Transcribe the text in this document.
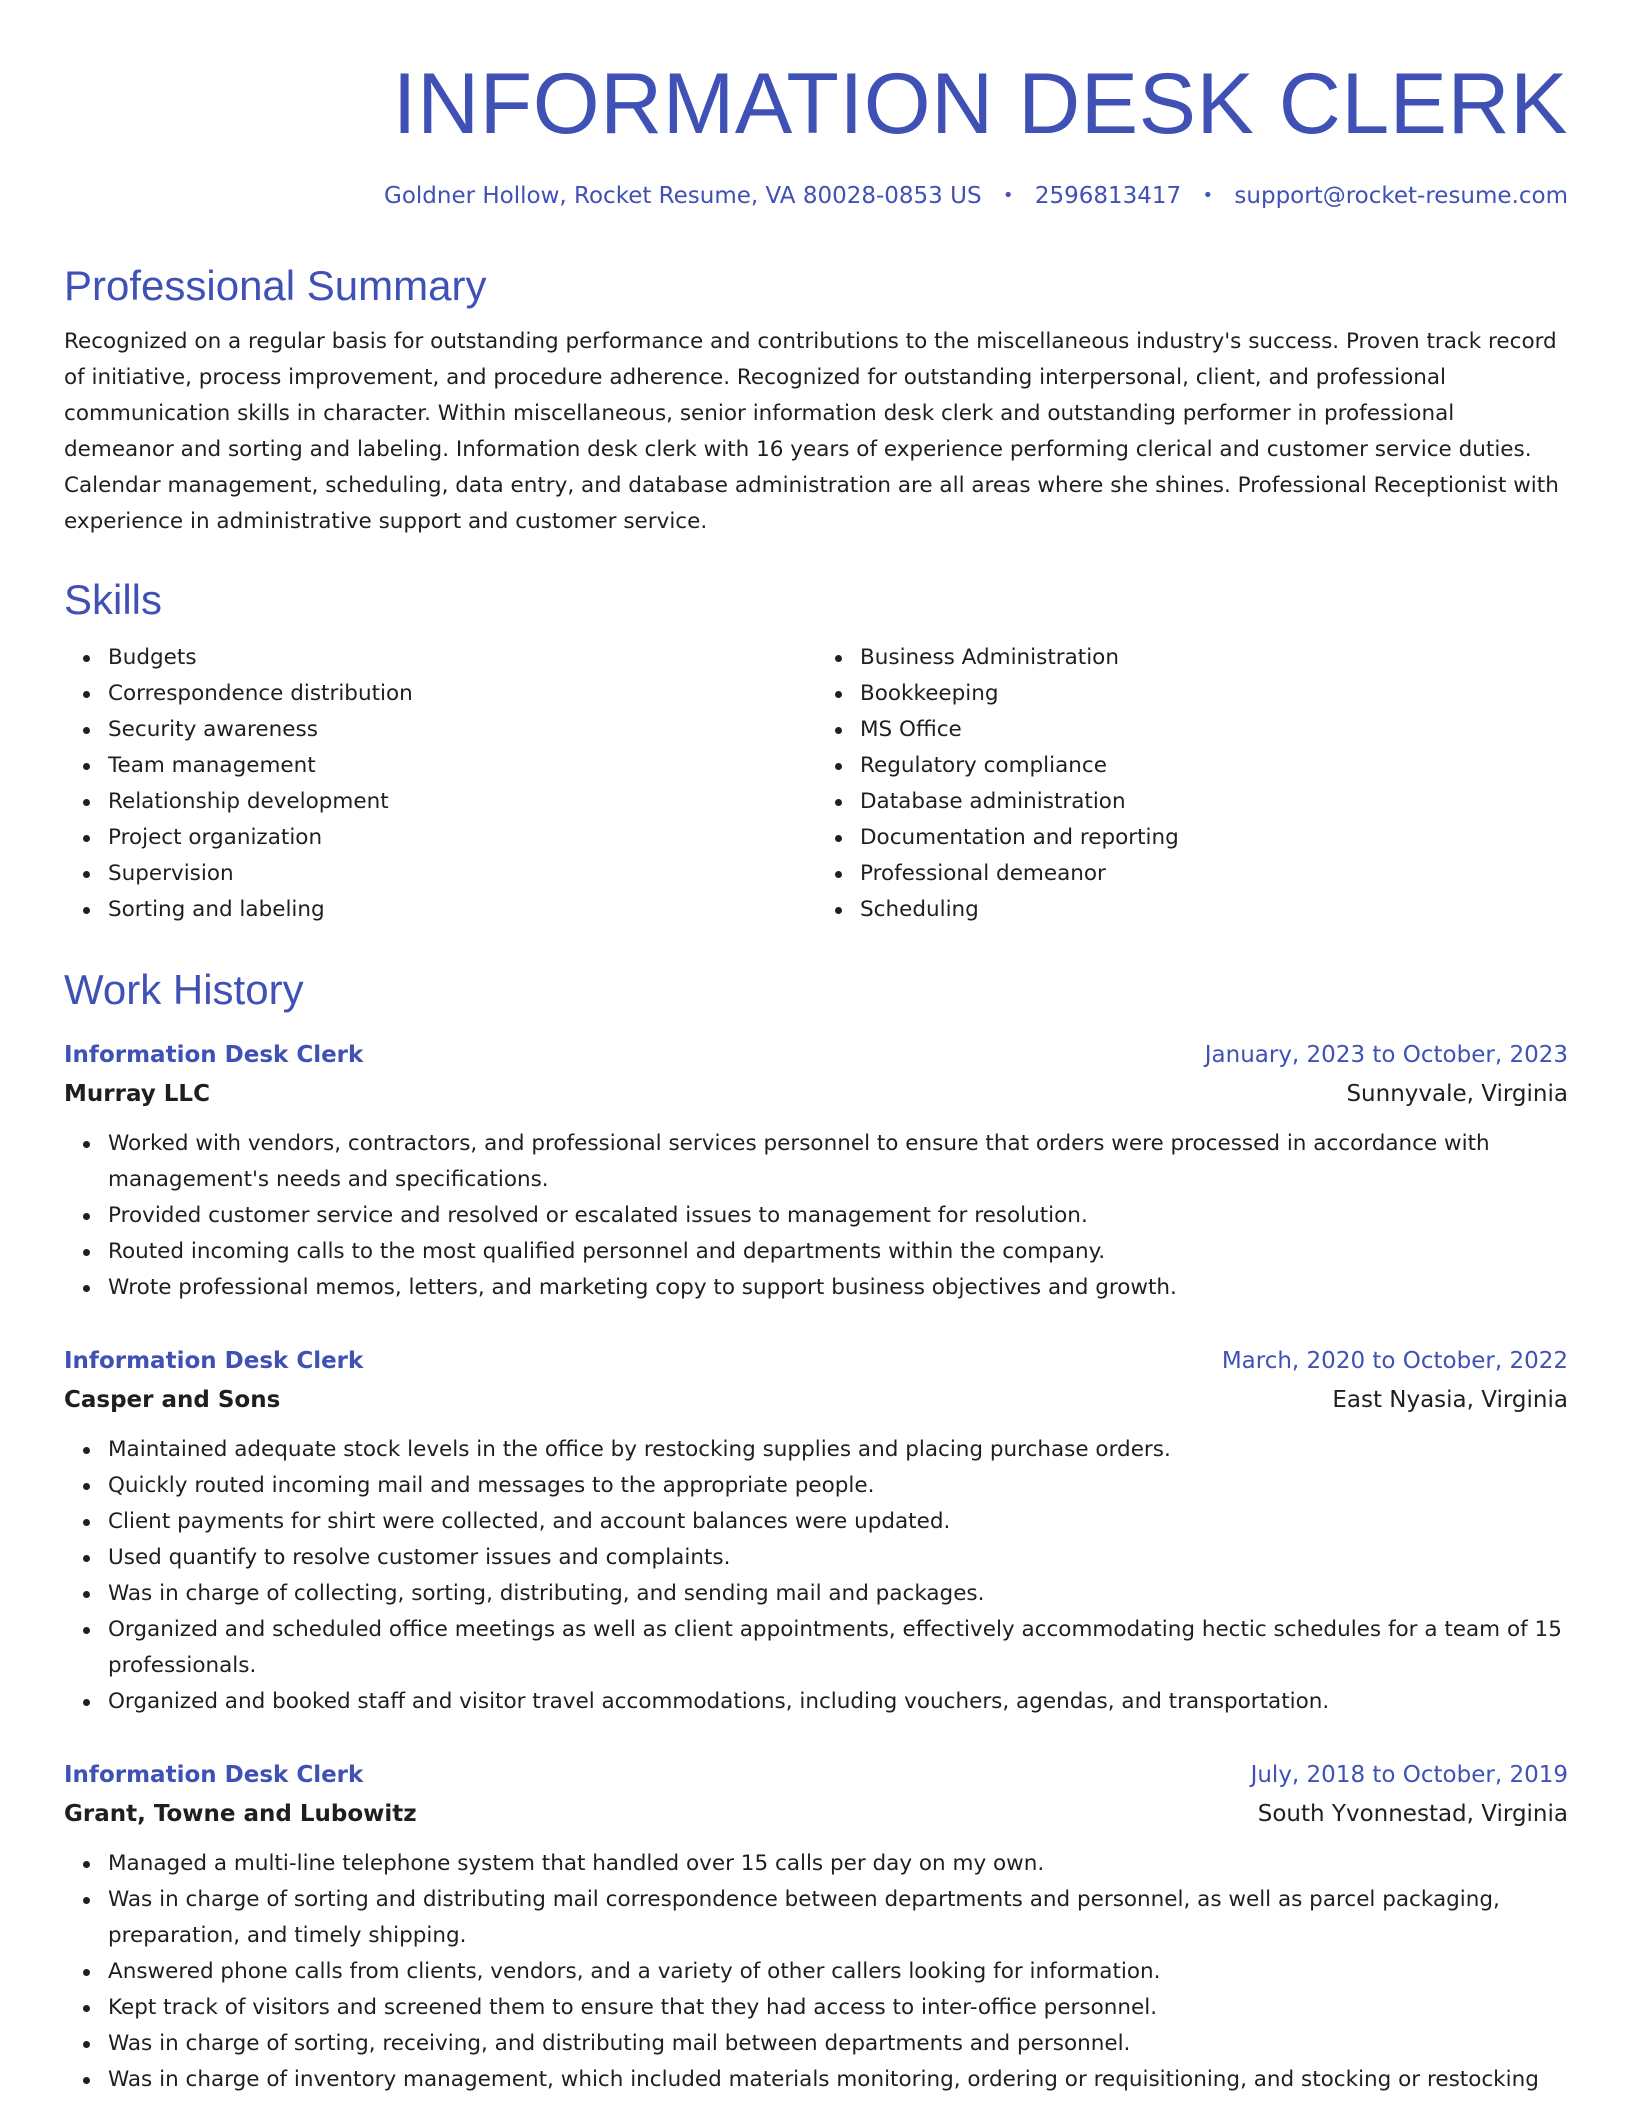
INFORMATION DESK CLERK
Goldner Hollow, Rocket Resume, VA 80028-0853 US • 2596813417 • support@rocket-resume.com
Professional Summary

Recognized on a regular basis for outstanding performance and contributions to the miscellaneous industry's success. Proven track record of initiative, process improvement, and procedure adherence. Recognized for outstanding interpersonal, client, and professional communication skills in character. Within miscellaneous, senior information desk clerk and outstanding performer in professional demeanor and sorting and labeling. Information desk clerk with 16 years of experience performing clerical and customer service duties. Calendar management, scheduling, data entry, and database administration are all areas where she shines. Professional Receptionist with experience in administrative support and customer service.

Skills
Budgets
Correspondence distribution
Security awareness
Team management
Relationship development
Project organization
Supervision
Sorting and labeling
Business Administration
Bookkeeping
MS Office
Regulatory compliance
Database administration
Documentation and reporting
Professional demeanor
Scheduling
Work History
Information Desk Clerk	January, 2023 to October, 2023
Murray LLC	Sunnyvale, Virginia
Worked with vendors, contractors, and professional services personnel to ensure that orders were processed in accordance with management's needs and specifications.
Provided customer service and resolved or escalated issues to management for resolution.
Routed incoming calls to the most qualified personnel and departments within the company.
Wrote professional memos, letters, and marketing copy to support business objectives and growth.
Information Desk Clerk	March, 2020 to October, 2022
Casper and Sons	East Nyasia, Virginia
Maintained adequate stock levels in the office by restocking supplies and placing purchase orders.
Quickly routed incoming mail and messages to the appropriate people.
Client payments for shirt were collected, and account balances were updated.
Used quantify to resolve customer issues and complaints.
Was in charge of collecting, sorting, distributing, and sending mail and packages.
Organized and scheduled office meetings as well as client appointments, effectively accommodating hectic schedules for a team of 15 professionals.
Organized and booked staff and visitor travel accommodations, including vouchers, agendas, and transportation.
Information Desk Clerk	July, 2018 to October, 2019
Grant, Towne and Lubowitz	South Yvonnestad, Virginia
Managed a multi-line telephone system that handled over 15 calls per day on my own.
Was in charge of sorting and distributing mail correspondence between departments and personnel, as well as parcel packaging, preparation, and timely shipping.
Answered phone calls from clients, vendors, and a variety of other callers looking for information.
Kept track of visitors and screened them to ensure that they had access to inter-office personnel.
Was in charge of sorting, receiving, and distributing mail between departments and personnel.
Was in charge of inventory management, which included materials monitoring, ordering or requisitioning, and stocking or restocking
